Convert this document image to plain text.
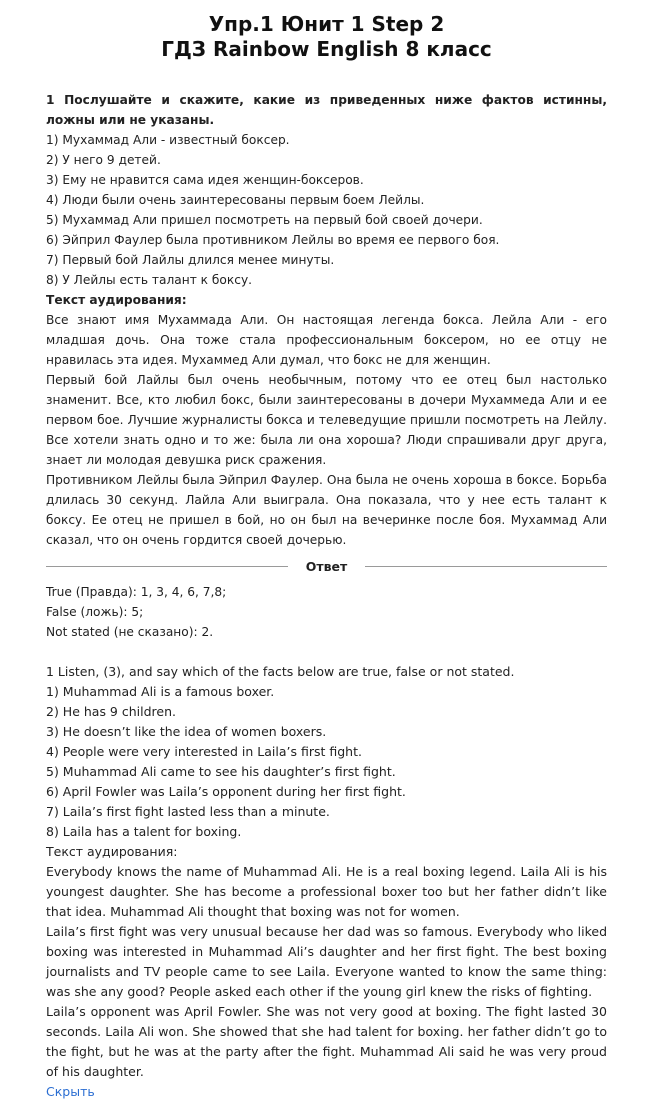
Упр.1 Юнит 1 Step 2
ГДЗ Rainbow English 8 класс
1 Послушайте и скажите, какие из приведенных ниже фактов истинны, ложны или не указаны.
1) Мухаммад Али - известный боксер.
2) У него 9 детей.
3) Ему не нравится сама идея женщин-боксеров.
4) Люди были очень заинтересованы первым боем Лейлы.
5) Мухаммад Али пришел посмотреть на первый бой своей дочери.
6) Эйприл Фаулер была противником Лейлы во время ее первого боя.
7) Первый бой Лайлы длился менее минуты.
8) У Лейлы есть талант к боксу.
Текст аудирования:
Все знают имя Мухаммада Али. Он настоящая легенда бокса. Лейла Али - его младшая дочь. Она тоже стала профессиональным боксером, но ее отцу не нравилась эта идея. Мухаммед Али думал, что бокс не для женщин.
Первый бой Лайлы был очень необычным, потому что ее отец был настолько знаменит. Все, кто любил бокс, были заинтересованы в дочери Мухаммеда Али и ее первом бое. Лучшие журналисты бокса и телеведущие пришли посмотреть на Лейлу. Все хотели знать одно и то же: была ли она хороша? Люди спрашивали друг друга, знает ли молодая девушка риск сражения.
Противником Лейлы была Эйприл Фаулер. Она была не очень хороша в боксе. Борьба длилась 30 секунд. Лайла Али выиграла. Она показала, что у нее есть талант к боксу. Ее отец не пришел в бой, но он был на вечеринке после боя. Мухаммад Али сказал, что он очень гордится своей дочерью.
Ответ
True (Правда): 1, 3, 4, 6, 7,8;
False (ложь): 5;
Not stated (не сказано): 2.
1 Listen, (3), and say which of the facts below are true, false or not stated.
1) Muhammad Ali is a famous boxer.
2) He has 9 children.
3) He doesn’t like the idea of women boxers.
4) People were very interested in Laila’s first fight.
5) Muhammad Ali came to see his daughter’s first fight.
6) April Fowler was Laila’s opponent during her first fight.
7) Laila’s first fight lasted less than a minute.
8) Laila has a talent for boxing.
Текст аудирования:
Everybody knows the name of Muhammad Ali. He is a real boxing legend. Laila Ali is his youngest daughter. She has become a professional boxer too but her father didn’t like that idea. Muhammad Ali thought that boxing was not for women.
Laila’s first fight was very unusual because her dad was so famous. Everybody who liked boxing was interested in Muhammad Ali’s daughter and her first fight. The best boxing journalists and TV people came to see Laila. Everyone wanted to know the same thing: was she any good? People asked each other if the young girl knew the risks of fighting.
Laila’s opponent was April Fowler. She was not very good at boxing. The fight lasted 30 seconds. Laila Ali won. She showed that she had talent for boxing. her father didn’t go to the fight, but he was at the party after the fight. Muhammad Ali said he was very proud of his daughter.
Скрыть
